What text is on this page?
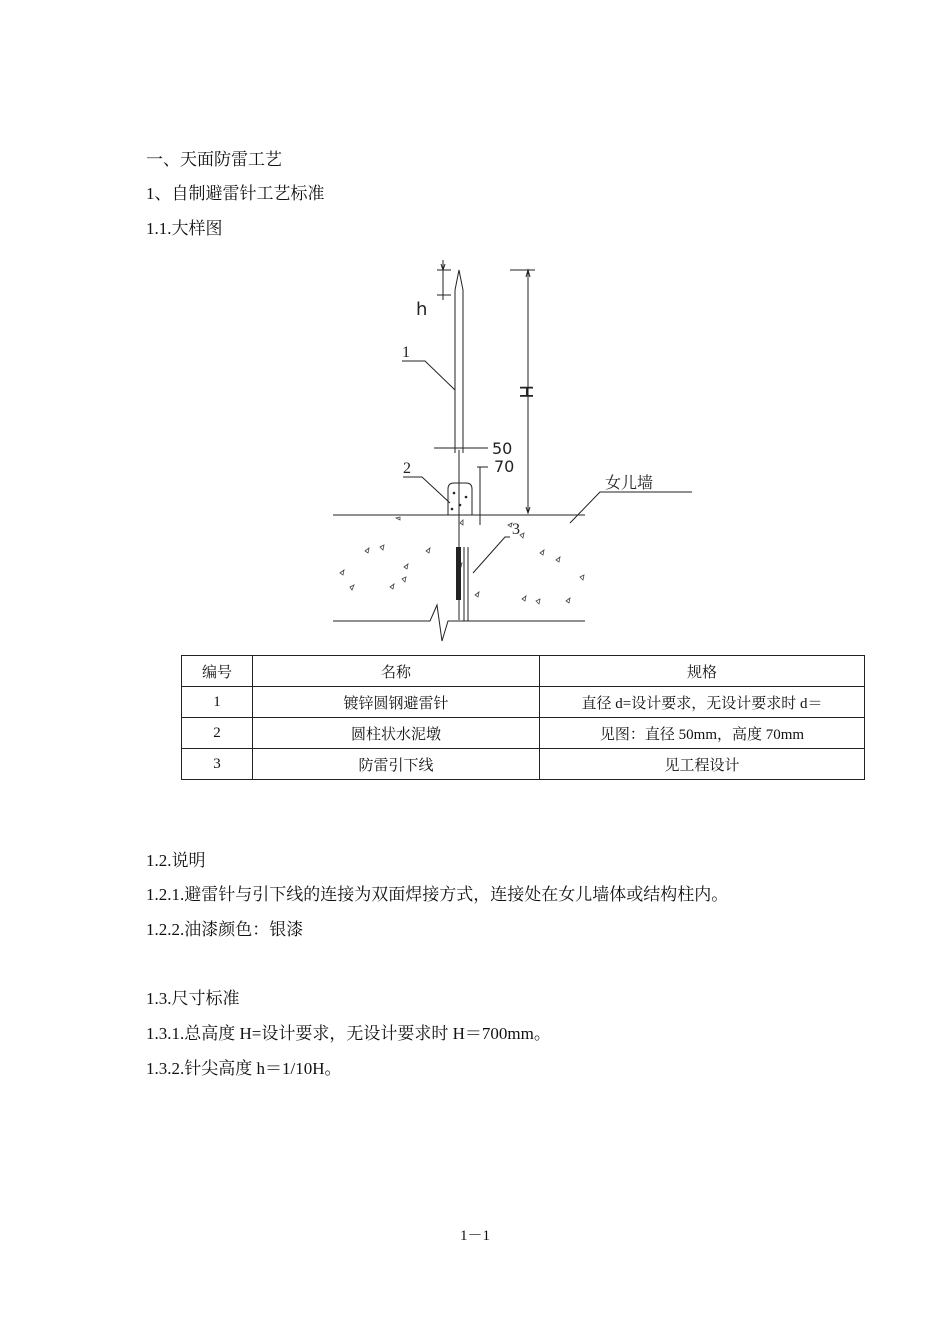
一、天面防雷工艺
1、自制避雷针工艺标准
1.1.大样图
h
H
1
50
70
2
女儿墙
3
编号	名称	规格
1	镀锌圆钢避雷针	直径 d=设计要求，无设计要求时 d＝
2	圆柱状水泥墩	见图：直径 50mm，高度 70mm
3	防雷引下线	见工程设计
1.2.说明
1.2.1.避雷针与引下线的连接为双面焊接方式，连接处在女儿墙体或结构柱内。
1.2.2.油漆颜色：银漆
1.3.尺寸标准
1.3.1.总高度 H=设计要求，无设计要求时 H＝700mm。
1.3.2.针尖高度 h＝1/10H。
1－1
